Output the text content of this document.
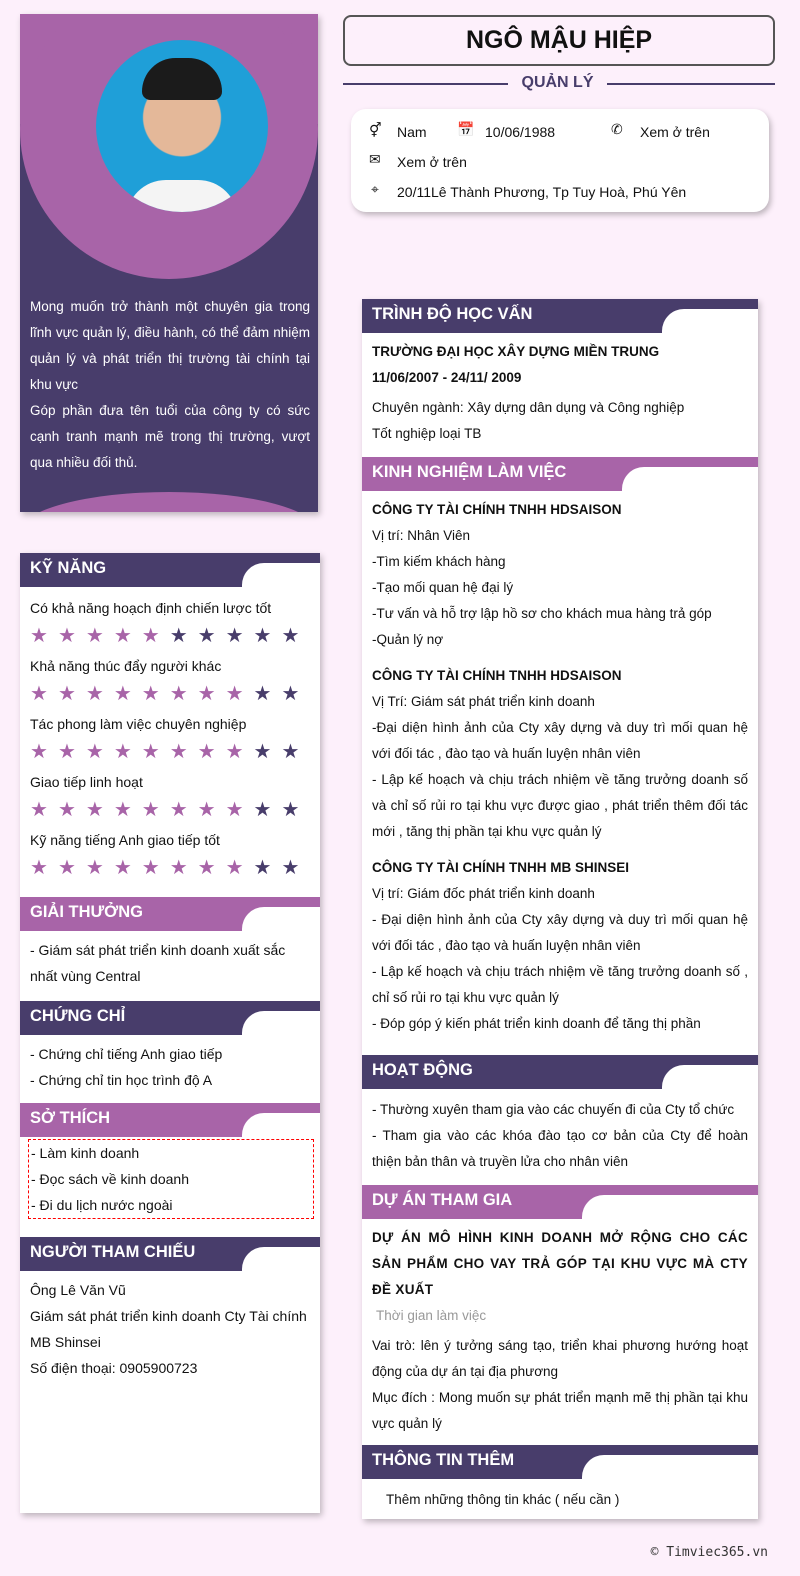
Mong muốn trở thành một chuyên gia trong lĩnh vực quản lý, điều hành, có thể đảm nhiệm quản lý và phát triển thị trường tài chính tại khu vực

Góp phần đưa tên tuổi của công ty có sức cạnh tranh mạnh mẽ trong thị trường, vượt qua nhiều đối thủ.

NGÔ MẬU HIỆP
QUẢN LÝ
⚥ Nam 📅 10/06/1988	✆ Xem ở trên
✉ Xem ở trên
⌖ 20/11Lê Thành Phương, Tp Tuy Hoà, Phú Yên
KỸ NĂNG

Có khả năng hoạch định chiến lược tốt

★ ★ ★ ★ ★ ★ ★ ★ ★ ★

Khả năng thúc đẩy người khác

★ ★ ★ ★ ★ ★ ★ ★ ★ ★

Tác phong làm việc chuyên nghiệp

★ ★ ★ ★ ★ ★ ★ ★ ★ ★

Giao tiếp linh hoạt

★ ★ ★ ★ ★ ★ ★ ★ ★ ★

Kỹ năng tiếng Anh giao tiếp tốt

★ ★ ★ ★ ★ ★ ★ ★ ★ ★
GIẢI THƯỞNG

- Giám sát phát triển kinh doanh xuất sắc nhất vùng Central

CHỨNG CHỈ

- Chứng chỉ tiếng Anh giao tiếp

- Chứng chỉ tin học trình độ A

SỞ THÍCH

- Làm kinh doanh

- Đọc sách về kinh doanh

- Đi du lịch nước ngoài

NGƯỜI THAM CHIẾU

Ông Lê Văn Vũ

Giám sát phát triển kinh doanh Cty Tài chính MB Shinsei

Số điện thoại: 0905900723

TRÌNH ĐỘ HỌC VẤN

TRƯỜNG ĐẠI HỌC XÂY DỰNG MIỀN TRUNG

11/06/2007 - 24/11/ 2009

Chuyên ngành: Xây dựng dân dụng và Công nghiệp

Tốt nghiệp loại TB

KINH NGHIỆM LÀM VIỆC

CÔNG TY TÀI CHÍNH TNHH HDSAISON

Vị trí: Nhân Viên

-Tìm kiếm khách hàng

-Tạo mối quan hệ đại lý

-Tư vấn và hỗ trợ lập hồ sơ cho khách mua hàng trả góp

-Quản lý nợ

CÔNG TY TÀI CHÍNH TNHH HDSAISON

Vị Trí: Giám sát phát triển kinh doanh

-Đại diện hình ảnh của Cty xây dựng và duy trì mối quan hệ với đối tác , đào tạo và huấn luyện nhân viên

- Lập kế hoạch và chịu trách nhiệm về tăng trưởng doanh số và chỉ số rủi ro tại khu vực được giao , phát triển thêm đối tác mới , tăng thị phần tại khu vực quản lý

CÔNG TY TÀI CHÍNH TNHH MB SHINSEI

Vị trí: Giám đốc phát triển kinh doanh

- Đại diện hình ảnh của Cty xây dựng và duy trì mối quan hệ với đối tác , đào tạo và huấn luyện nhân viên

- Lập kế hoạch và chịu trách nhiệm về tăng trưởng doanh số , chỉ số rủi ro tại khu vực quản lý

- Đóp góp ý kiến phát triển kinh doanh để tăng thị phần

HOẠT ĐỘNG

- Thường xuyên tham gia vào các chuyến đi của Cty tổ chức

- Tham gia vào các khóa đào tạo cơ bản của Cty để hoàn thiện bản thân và truyền lửa cho nhân viên

DỰ ÁN THAM GIA

DỰ ÁN MÔ HÌNH KINH DOANH MỞ RỘNG CHO CÁC SẢN PHẨM CHO VAY TRẢ GÓP TẠI KHU VỰC MÀ CTY ĐỀ XUẤT

Thời gian làm việc

Vai trò: lên ý tưởng sáng tạo, triển khai phương hướng hoạt động của dự án tại địa phương

Mục đích : Mong muốn sự phát triển mạnh mẽ thị phần tại khu vực quản lý

THÔNG TIN THÊM

Thêm những thông tin khác ( nếu cần )

© Timviec365.vn
